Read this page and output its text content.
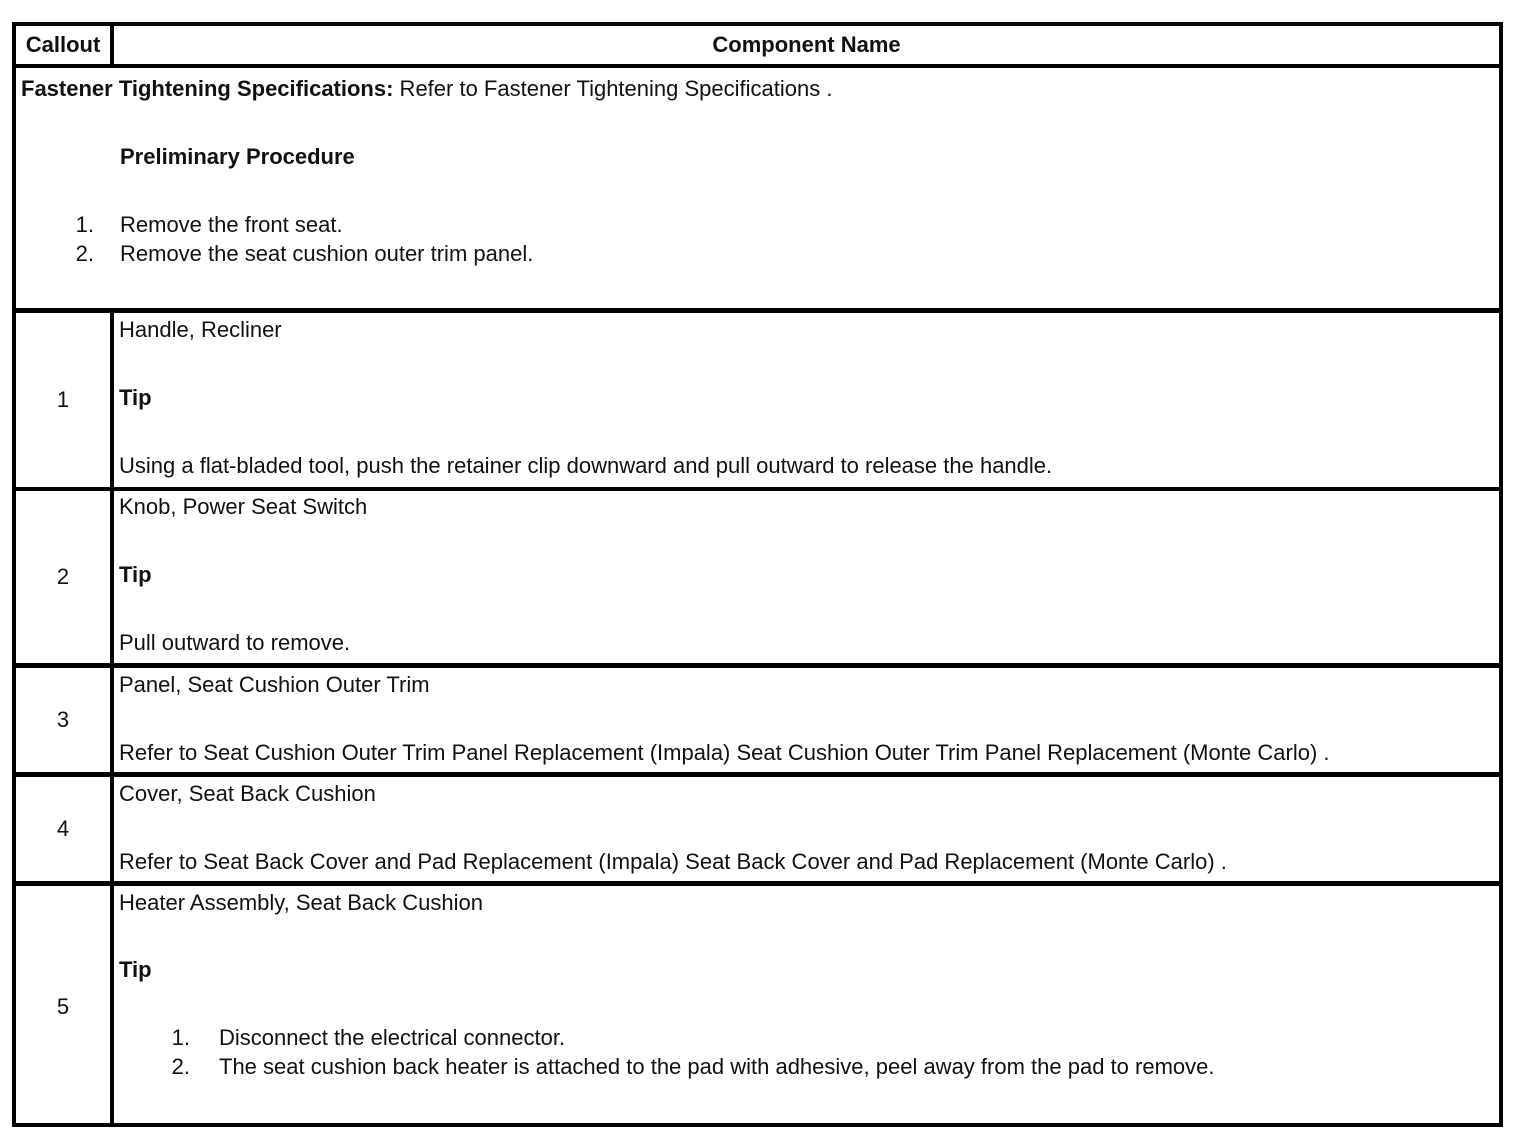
Callout	Component Name
Fastener Tightening Specifications: Refer to Fastener Tightening Specifications .
Preliminary Procedure
1. Remove the front seat.
2. Remove the seat cushion outer trim panel.
1
Handle, Recliner
Tip
Using a flat-bladed tool, push the retainer clip downward and pull outward to release the handle.
2
Knob, Power Seat Switch
Tip
Pull outward to remove.
3
Panel, Seat Cushion Outer Trim
Refer to Seat Cushion Outer Trim Panel Replacement (Impala) Seat Cushion Outer Trim Panel Replacement (Monte Carlo) .
4
Cover, Seat Back Cushion
Refer to Seat Back Cover and Pad Replacement (Impala) Seat Back Cover and Pad Replacement (Monte Carlo) .
5
Heater Assembly, Seat Back Cushion
Tip
1. Disconnect the electrical connector.
2. The seat cushion back heater is attached to the pad with adhesive, peel away from the pad to remove.
